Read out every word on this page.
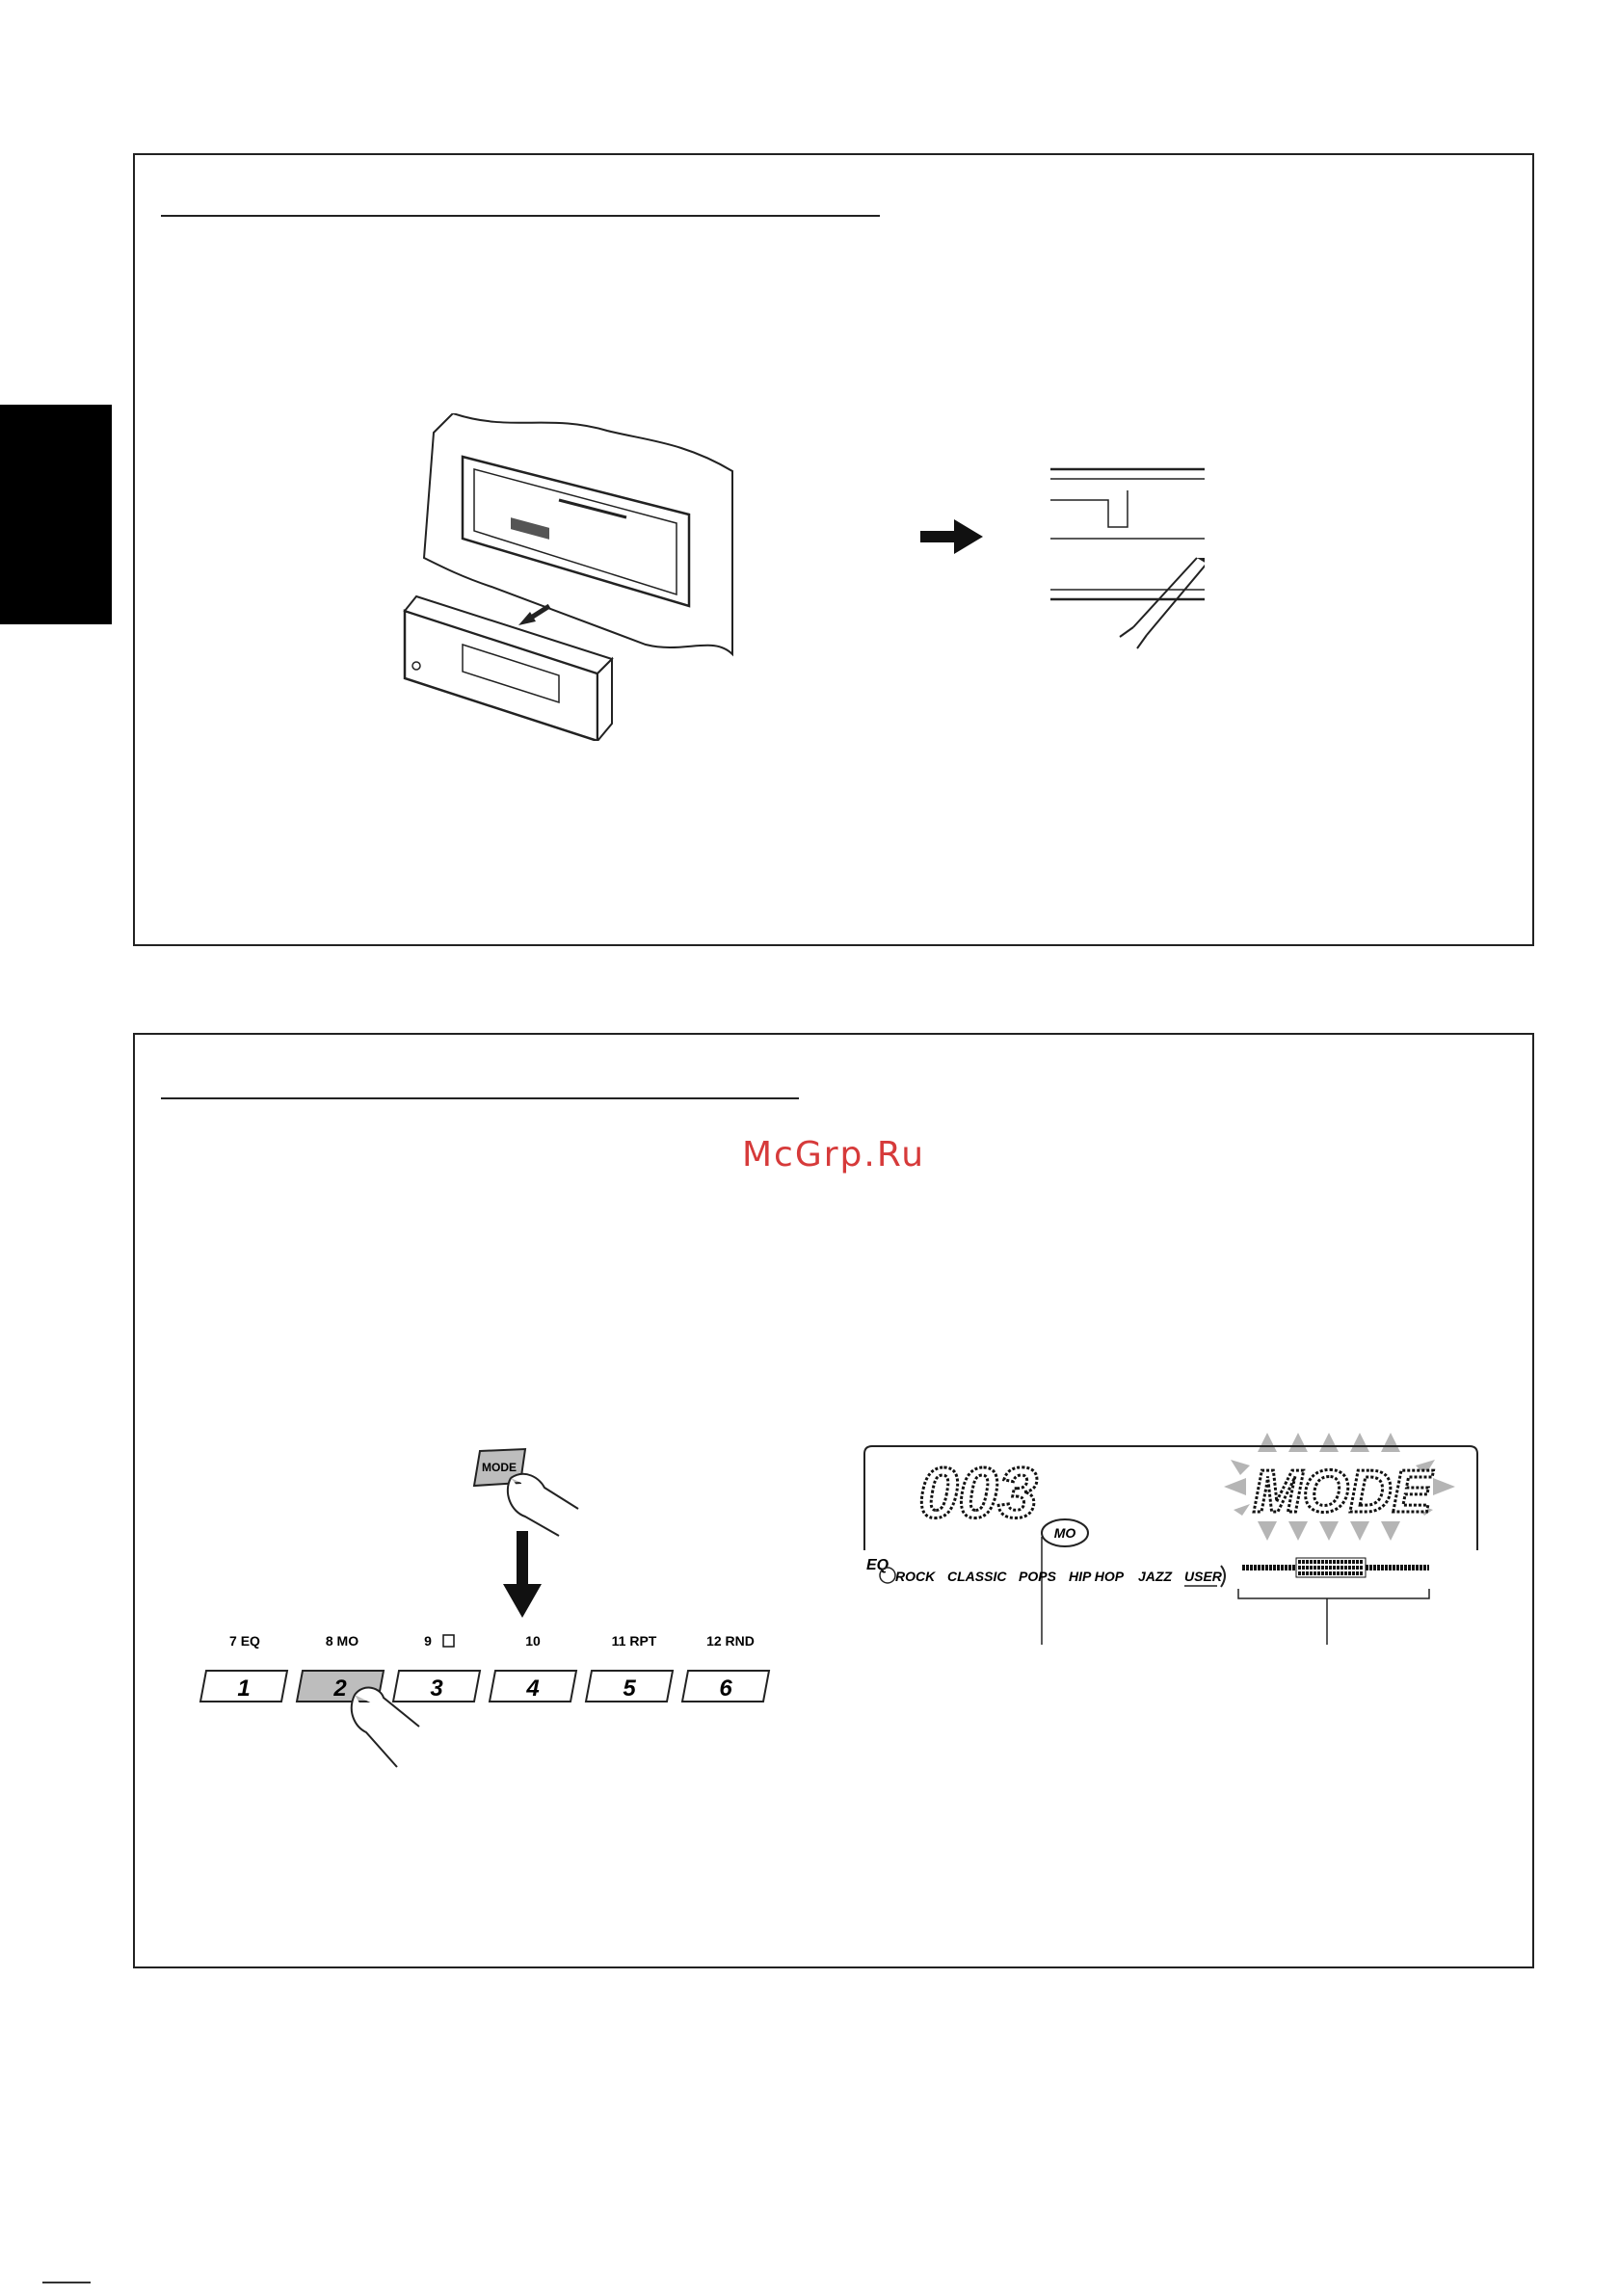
McGrp.Ru
MODE
7 EQ	8 MO	9	10	11 RPT	12 RND
1	2	3	4	5	6
003	MODE
MO
EQ
ROCK CLASSIC POPS HIP HOP JAZZ USER
